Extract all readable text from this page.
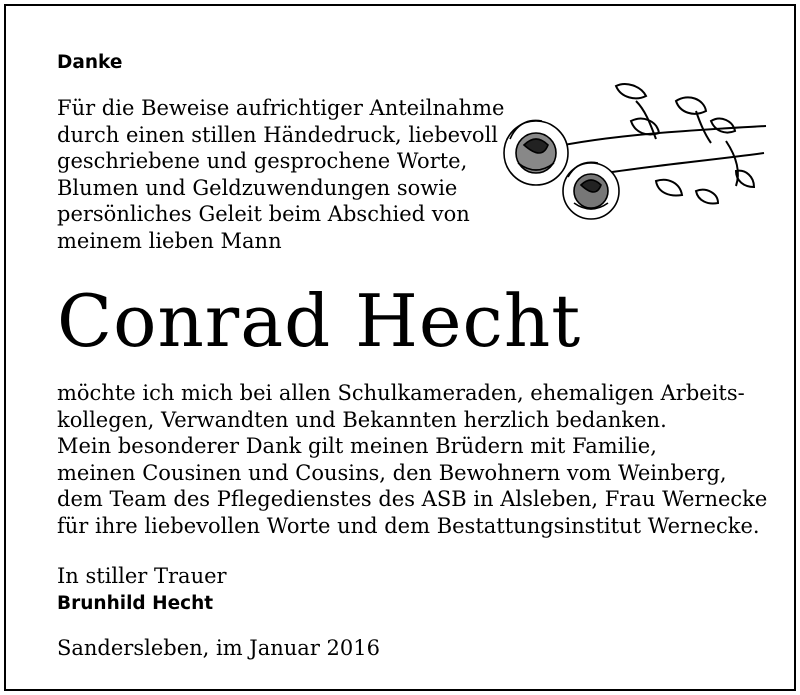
Danke

Für die Beweise aufrichtiger Anteilnahme
durch einen stillen Händedruck, liebevoll
geschriebene und gesprochene Worte,
Blumen und Geldzuwendungen sowie
persönliches Geleit beim Abschied von
meinem lieben Mann

Conrad Hecht

möchte ich mich bei allen Schulkameraden, ehemaligen Arbeits-
kollegen, Verwandten und Bekannten herzlich bedanken.
Mein besonderer Dank gilt meinen Brüdern mit Familie,
meinen Cousinen und Cousins, den Bewohnern vom Weinberg,
dem Team des Pflegedienstes des ASB in Alsleben, Frau Wernecke
für ihre liebevollen Worte und dem Bestattungsinstitut Wernecke.

In stiller Trauer

Brunhild Hecht

Sandersleben, im Januar 2016
